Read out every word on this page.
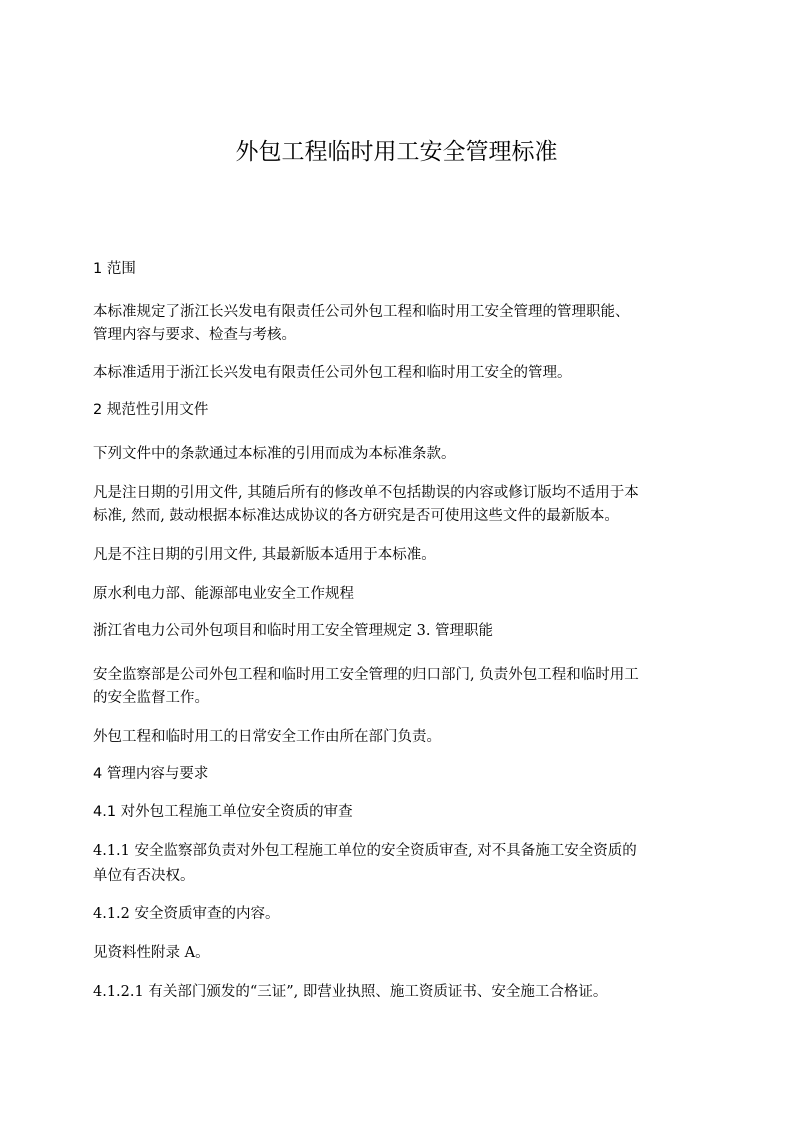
外包工程临时用工安全管理标准
1 范围
本标准规定了浙江长兴发电有限责任公司外包工程和临时用工安全管理的管理职能、
管理内容与要求、检查与考核。
本标准适用于浙江长兴发电有限责任公司外包工程和临时用工安全的管理。
2 规范性引用文件
下列文件中的条款通过本标准的引用而成为本标准条款。
凡是注日期的引用文件, 其随后所有的修改单不包括勘误的内容或修订版均不适用于本
标准, 然而, 鼓动根据本标准达成协议的各方研究是否可使用这些文件的最新版本。
凡是不注日期的引用文件, 其最新版本适用于本标准。
原水利电力部、能源部电业安全工作规程
浙江省电力公司外包项目和临时用工安全管理规定 3. 管理职能
安全监察部是公司外包工程和临时用工安全管理的归口部门, 负责外包工程和临时用工
的安全监督工作。
外包工程和临时用工的日常安全工作由所在部门负责。
4 管理内容与要求
4.1 对外包工程施工单位安全资质的审查
4.1.1 安全监察部负责对外包工程施工单位的安全资质审查, 对不具备施工安全资质的
单位有否决权。
4.1.2 安全资质审查的内容。
见资料性附录 A。
4.1.2.1 有关部门颁发的“三证”, 即营业执照、施工资质证书、安全施工合格证。
